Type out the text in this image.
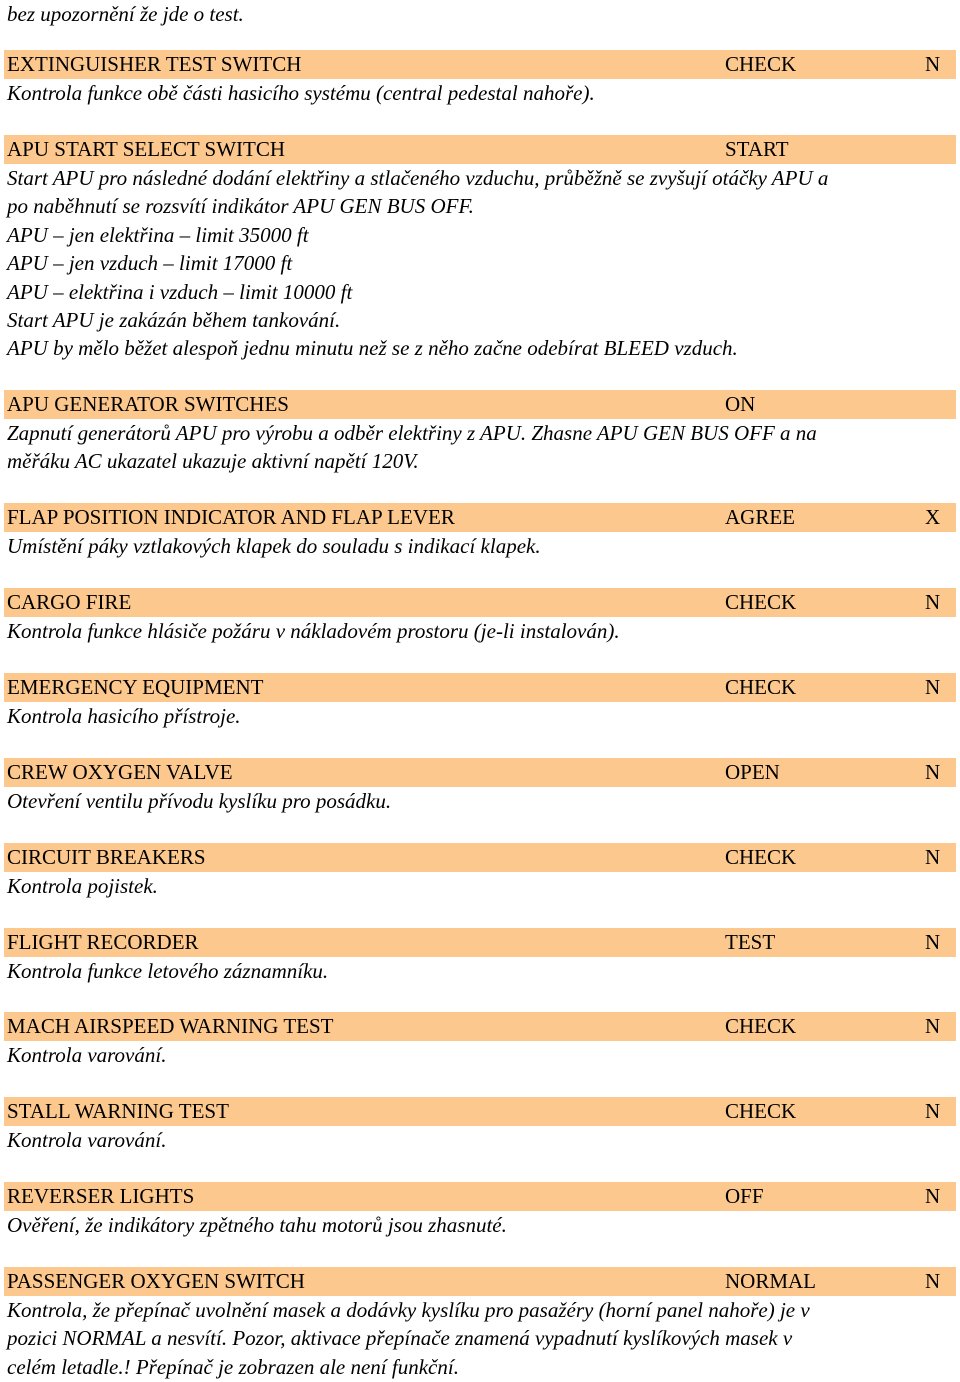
bez upozornění že jde o test.
EXTINGUISHER TEST SWITCH	CHECK	N
Kontrola funkce obě části hasicího systému (central pedestal nahoře).
APU START SELECT SWITCH	START
Start APU pro následné dodání elektřiny a stlačeného vzduchu, průběžně se zvyšují otáčky APU a
po naběhnutí se rozsvítí indikátor APU GEN BUS OFF.
APU – jen elektřina – limit 35000 ft
APU – jen vzduch – limit 17000 ft
APU – elektřina i vzduch – limit 10000 ft
Start APU je zakázán během tankování.
APU by mělo běžet alespoň jednu minutu než se z něho začne odebírat BLEED vzduch.
APU GENERATOR SWITCHES	ON
Zapnutí generátorů APU pro výrobu a odběr elektřiny z APU. Zhasne APU GEN BUS OFF a na
měřáku AC ukazatel ukazuje aktivní napětí 120V.
FLAP POSITION INDICATOR AND FLAP LEVER	AGREE	X
Umístění páky vztlakových klapek do souladu s indikací klapek.
CARGO FIRE	CHECK	N
Kontrola funkce hlásiče požáru v nákladovém prostoru (je-li instalován).
EMERGENCY EQUIPMENT	CHECK	N
Kontrola hasicího přístroje.
CREW OXYGEN VALVE	OPEN	N
Otevření ventilu přívodu kyslíku pro posádku.
CIRCUIT BREAKERS	CHECK	N
Kontrola pojistek.
FLIGHT RECORDER	TEST	N
Kontrola funkce letového záznamníku.
MACH AIRSPEED WARNING TEST	CHECK	N
Kontrola varování.
STALL WARNING TEST	CHECK	N
Kontrola varování.
REVERSER LIGHTS	OFF	N
Ověření, že indikátory zpětného tahu motorů jsou zhasnuté.
PASSENGER OXYGEN SWITCH	NORMAL	N
Kontrola, že přepínač uvolnění masek a dodávky kyslíku pro pasažéry (horní panel nahoře) je v
pozici NORMAL a nesvítí. Pozor, aktivace přepínače znamená vypadnutí kyslíkových masek v
celém letadle.! Přepínač je zobrazen ale není funkční.
